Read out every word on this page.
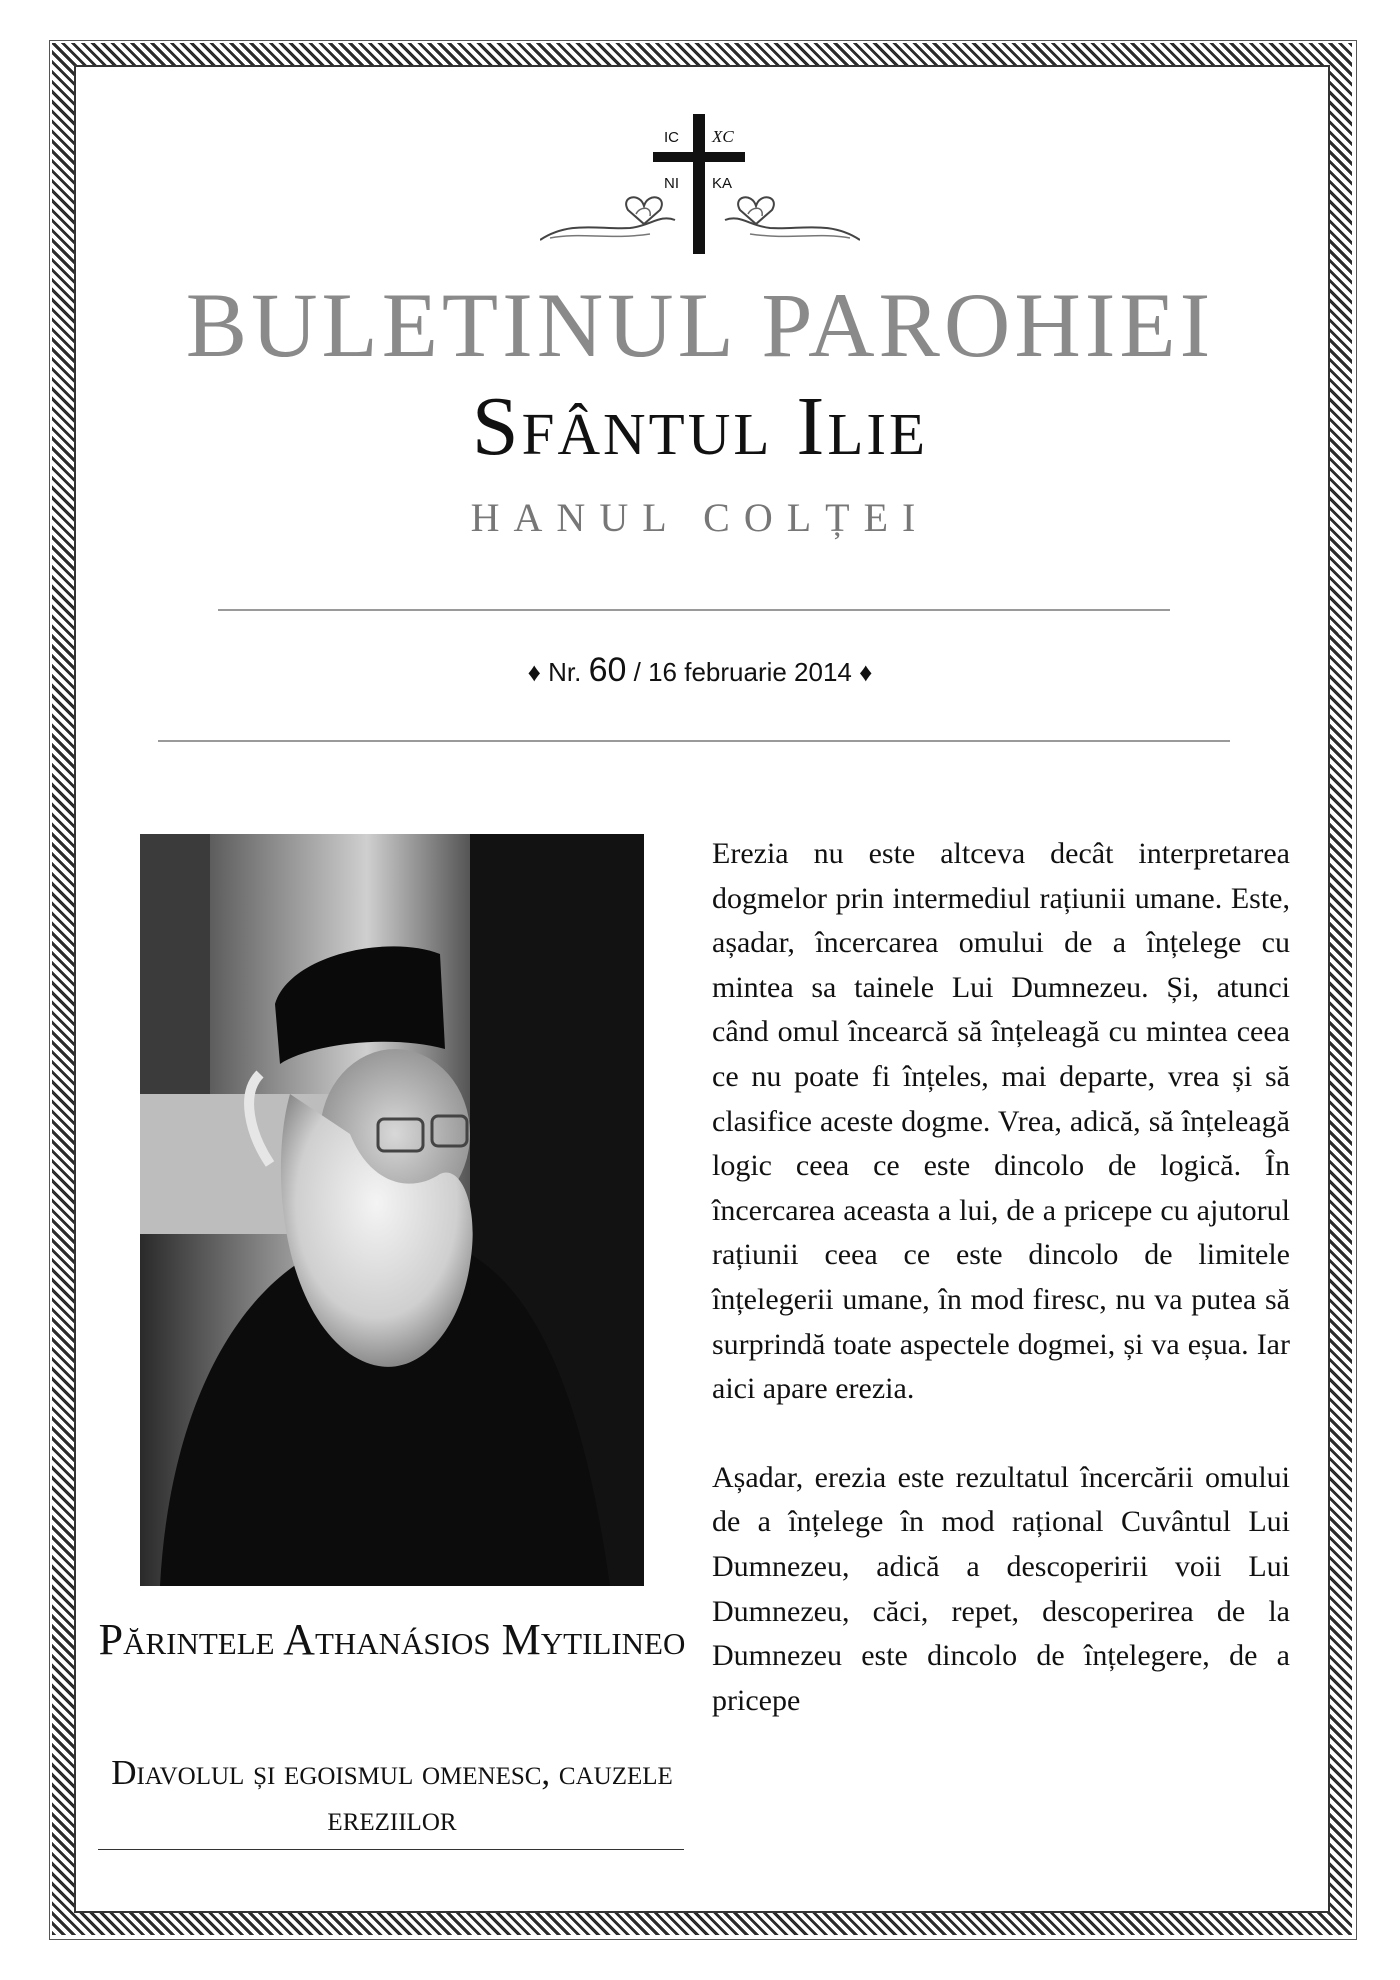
IC XC
NI KA
BULETINUL PAROHIEI
Sfântul Ilie
HANUL COLȚEI
♦ Nr. 60 / 16 februarie 2014 ♦
Părintele Athanásios Mytilineo
Diavolul și egoismul omenesc, cauzele ereziilor

Erezia nu este altceva decât interpretarea dogmelor prin intermediul rațiunii umane. Este, așadar, încercarea omului de a înțelege cu mintea sa tainele Lui Dumnezeu. Și, atunci când omul încearcă să înțeleagă cu mintea ceea ce nu poate fi înțeles, mai departe, vrea și să clasifice aceste dogme. Vrea, adică, să înțeleagă logic ceea ce este dincolo de logică. În încercarea aceasta a lui, de a pricepe cu ajutorul rațiunii ceea ce este dincolo de limitele înțelegerii umane, în mod firesc, nu va putea să surprindă toate aspectele dogmei, și va eșua. Iar aici apare erezia.

Așadar, erezia este rezultatul încercării omului de a înțelege în mod rațional Cuvântul Lui Dumnezeu, adică a descoperirii voii Lui Dumnezeu, căci, repet, descoperirea de la Dumnezeu este dincolo de înțelegere, de a pricepe
